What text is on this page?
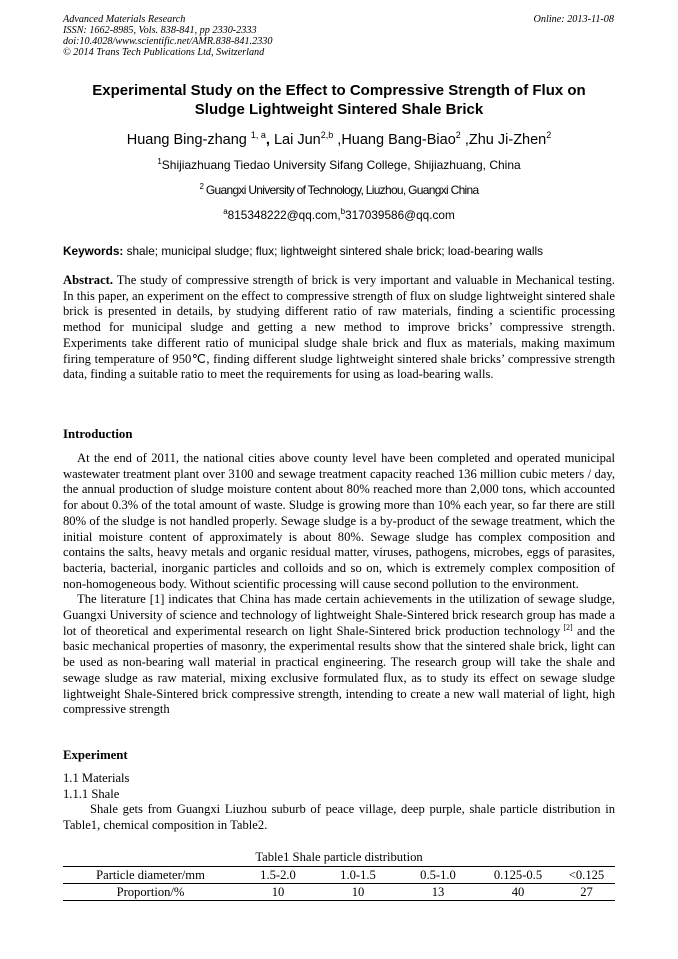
Advanced Materials Research
ISSN: 1662-8985, Vols. 838-841, pp 2330-2333
doi:10.4028/www.scientific.net/AMR.838-841.2330
© 2014 Trans Tech Publications Ltd, Switzerland
Online: 2013-11-08
Experimental Study on the Effect to Compressive Strength of Flux on
Sludge Lightweight Sintered Shale Brick
Huang Bing-zhang $^{1, a}$, Lai Jun$^{2,b}$ ,Huang Bang-Biao$^2$ ,Zhu Ji-Zhen$^2$
$^1$Shijiazhuang Tiedao University Sifang College, Shijiazhuang, China
$^2$ Guangxi University of Technology, Liuzhou, Guangxi China
$^a$815348222@qq.com,$^b$317039586@qq.com
Keywords: shale; municipal sludge; flux; lightweight sintered shale brick; load-bearing walls

Abstract. The study of compressive strength of brick is very important and valuable in Mechanical testing. In this paper, an experiment on the effect to compressive strength of flux on sludge lightweight sintered shale brick is presented in details, by studying different ratio of raw materials, finding a scientific processing method for municipal sludge and getting a new method to improve bricks’ compressive strength. Experiments take different ratio of municipal sludge shale brick and flux as materials, making maximum firing temperature of 950℃, finding different sludge lightweight sintered shale bricks’ compressive strength data, finding a suitable ratio to meet the requirements for using as load-bearing walls.

Introduction

At the end of 2011, the national cities above county level have been completed and operated municipal wastewater treatment plant over 3100 and sewage treatment capacity reached 136 million cubic meters / day, the annual production of sludge moisture content about 80% reached more than 2,000 tons, which accounted for about 0.3% of the total amount of waste. Sludge is growing more than 10% each year, so far there are still 80% of the sludge is not handled properly. Sewage sludge is a by-product of the sewage treatment, which the initial moisture content of approximately is about 80%. Sewage sludge has complex composition and contains the salts, heavy metals and organic residual matter, viruses, pathogens, microbes, eggs of parasites, bacteria, bacterial, inorganic particles and colloids and so on, which is extremely complex composition of non-homogeneous body. Without scientific processing will cause second pollution to the environment.

The literature [1] indicates that China has made certain achievements in the utilization of sewage sludge, Guangxi University of science and technology of lightweight Shale-Sintered brick research group has made a lot of theoretical and experimental research on light Shale-Sintered brick production technology [2] and the basic mechanical properties of masonry, the experimental results show that the sintered shale brick, light can be used as non-bearing wall material in practical engineering. The research group will take the shale and sewage sludge as raw material, mixing exclusive formulated flux, as to study its effect on sewage sludge lightweight Shale-Sintered brick compressive strength, intending to create a new wall material of light, high compressive strength

Experiment
1.1 Materials
1.1.1 Shale

Shale gets from Guangxi Liuzhou suburb of peace village, deep purple, shale particle distribution in Table1, chemical composition in Table2.

Table1 Shale particle distribution
Particle diameter/mm	1.5-2.0	1.0-1.5	0.5-1.0	0.125-0.5	<0.125
Proportion/%	10	10	13	40	27
